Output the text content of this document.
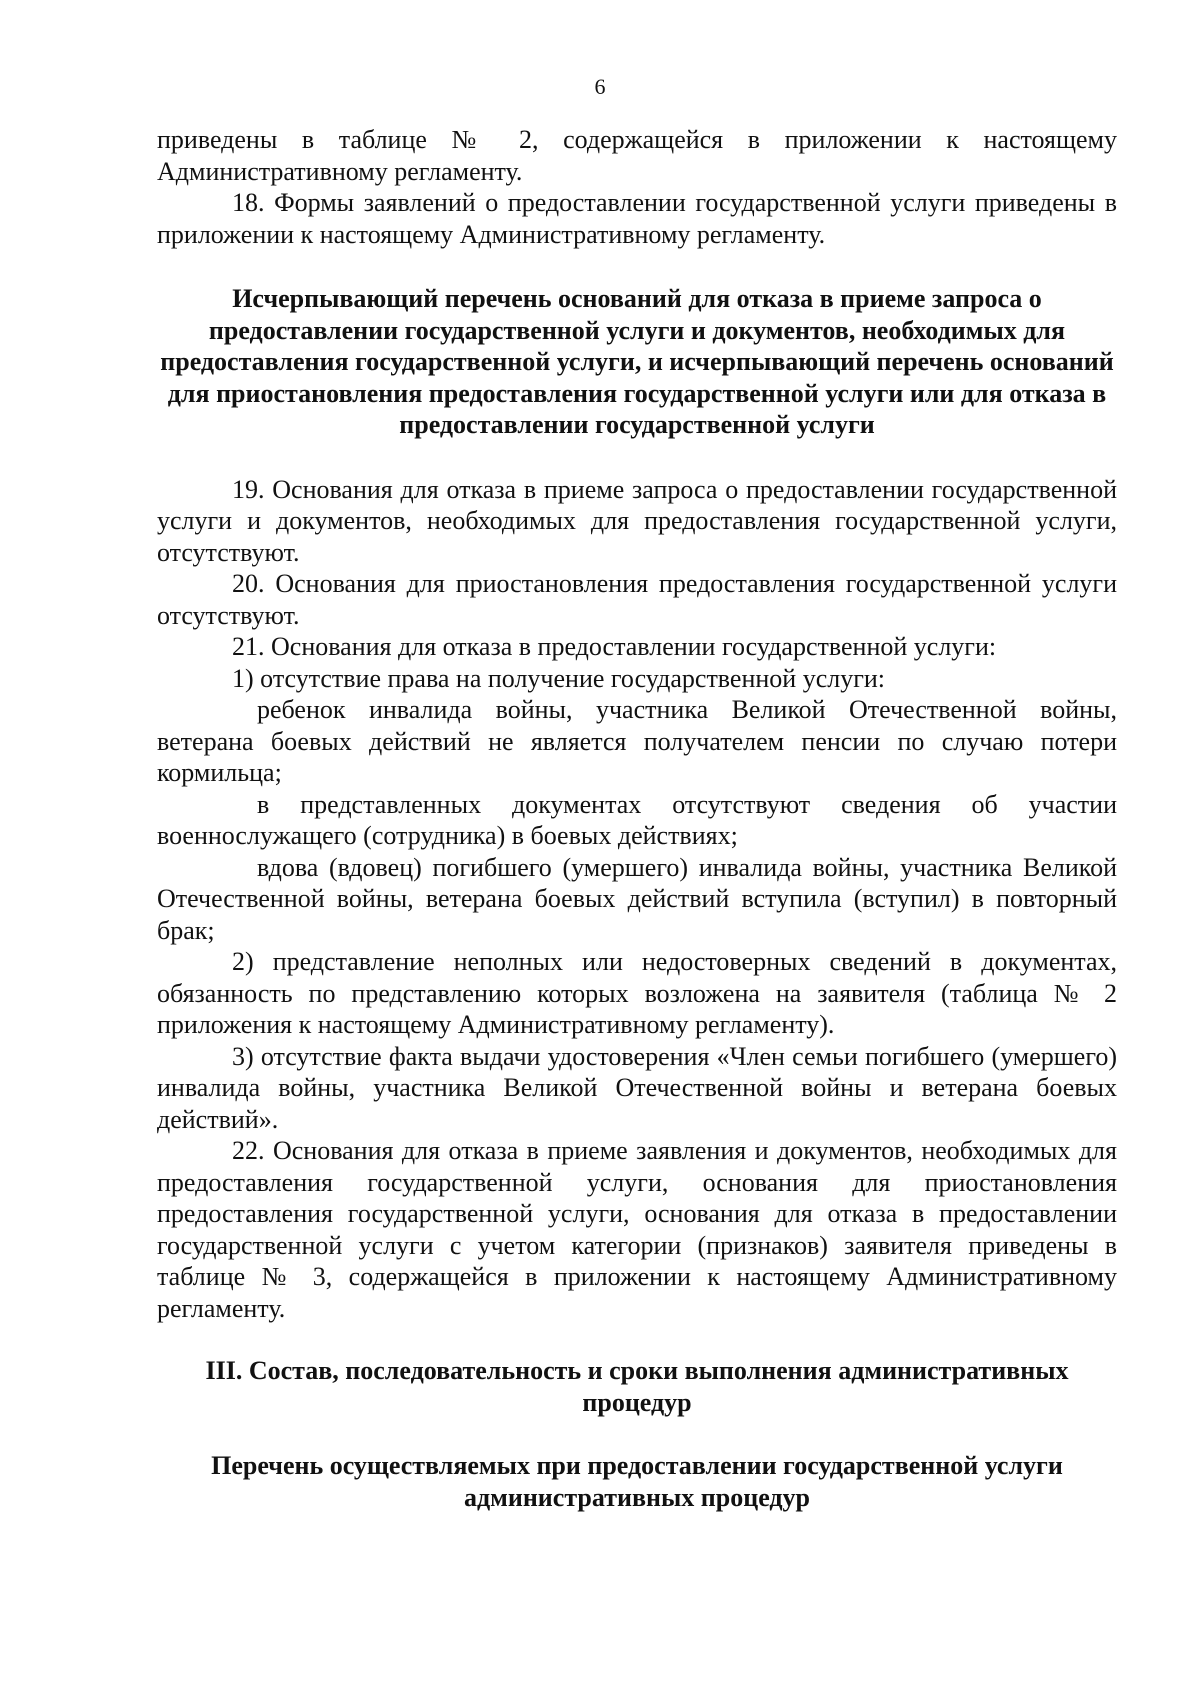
6

приведены в таблице № 2, содержащейся в приложении к настоящему Административному регламенту.

18. Формы заявлений о предоставлении государственной услуги приведены в приложении к настоящему Административному регламенту.

Исчерпывающий перечень оснований для отказа в приеме запроса о предоставлении государственной услуги и документов, необходимых для предоставления государственной услуги, и исчерпывающий перечень оснований для приостановления предоставления государственной услуги или для отказа в предоставлении государственной услуги

19. Основания для отказа в приеме запроса о предоставлении государственной услуги и документов, необходимых для предоставления государственной услуги, отсутствуют.

20. Основания для приостановления предоставления государственной услуги отсутствуют.

21. Основания для отказа в предоставлении государственной услуги:

1) отсутствие права на получение государственной услуги:

ребенок инвалида войны, участника Великой Отечественной войны, ветерана боевых действий не является получателем пенсии по случаю потери кормильца;

в представленных документах отсутствуют сведения об участии военнослужащего (сотрудника) в боевых действиях;

вдова (вдовец) погибшего (умершего) инвалида войны, участника Великой Отечественной войны, ветерана боевых действий вступила (вступил) в повторный брак;

2) представление неполных или недостоверных сведений в документах, обязанность по представлению которых возложена на заявителя (таблица № 2 приложения к настоящему Административному регламенту).

3) отсутствие факта выдачи удостоверения «Член семьи погибшего (умершего) инвалида войны, участника Великой Отечественной войны и ветерана боевых действий».

22. Основания для отказа в приеме заявления и документов, необходимых для предоставления государственной услуги, основания для приостановления предоставления государственной услуги, основания для отказа в предоставлении государственной услуги с учетом категории (признаков) заявителя приведены в таблице № 3, содержащейся в приложении к настоящему Административному регламенту.

III. Состав, последовательность и сроки выполнения административных процедур

Перечень осуществляемых при предоставлении государственной услуги административных процедур
